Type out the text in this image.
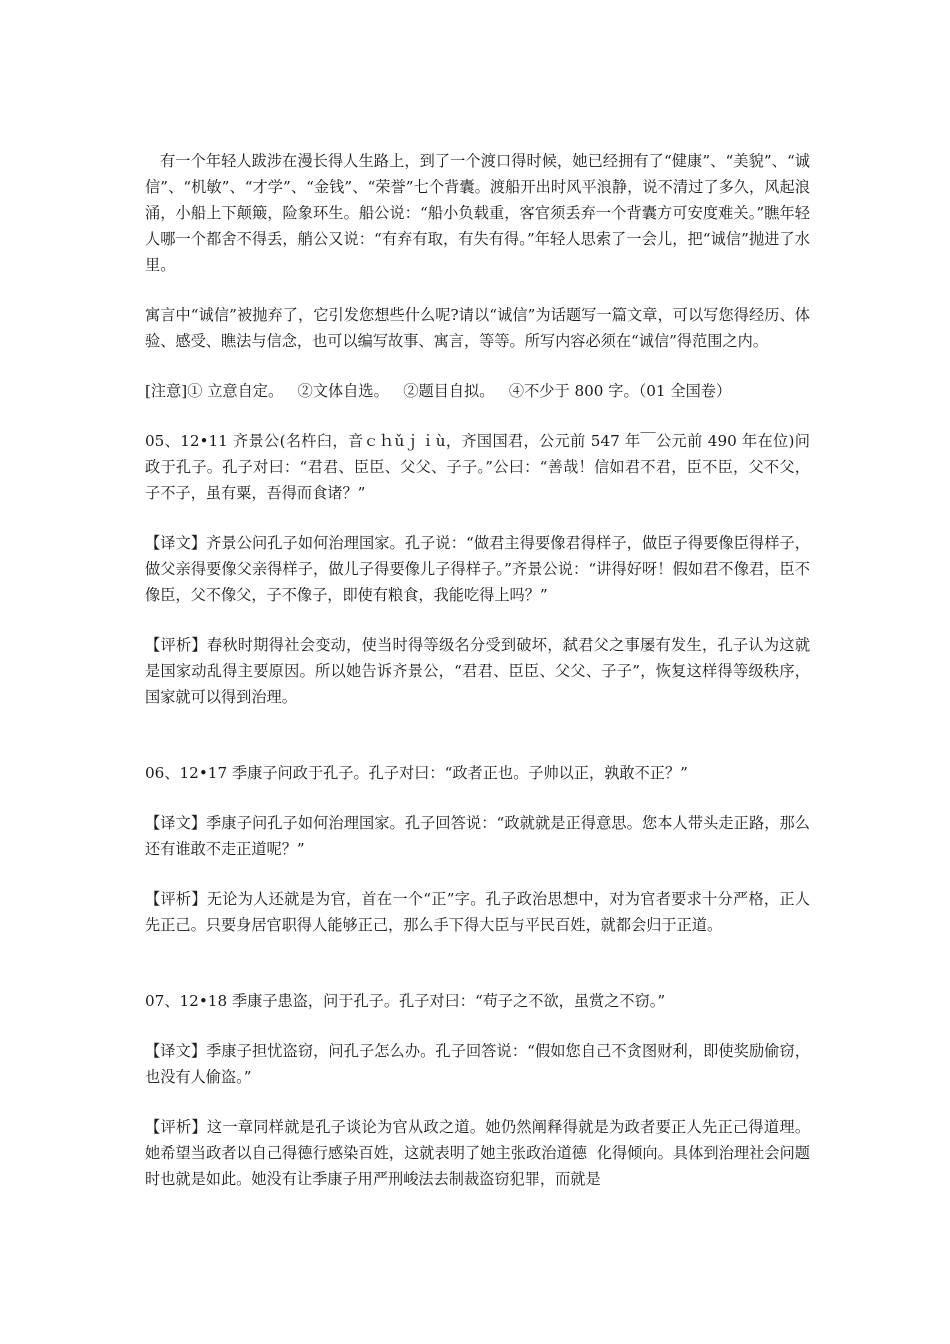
有一个年轻人跋涉在漫长得人生路上，到了一个渡口得时候，她已经拥有了“健康”、“美貌”、“诚信”、“机敏”、“才学”、“金钱”、“荣誉”七个背囊。渡船开出时风平浪静，说不清过了多久，风起浪涌，小船上下颠簸，险象环生。船公说：“船小负载重，客官须丢弃一个背囊方可安度难关。”瞧年轻人哪一个都舍不得丢，艄公又说：“有弃有取，有失有得。”年轻人思索了一会儿，把“诚信”抛进了水里。

寓言中“诚信”被抛弃了，它引发您想些什么呢?请以“诚信”为话题写一篇文章，可以写您得经历、体验、感受、瞧法与信念，也可以编写故事、寓言，等等。所写内容必须在“诚信”得范围之内。

[注意]① 立意自定。   ②文体自选。   ②题目自拟。   ④不少于 800 字。（01 全国卷）

05、12•11 齐景公(名杵臼，音ｃｈǔｊｉù，齐国国君，公元前 547 年￣公元前 490 年在位)问政于孔子。孔子对曰：“君君、臣臣、父父、子子。”公曰：“善哉！信如君不君，臣不臣，父不父，子不子，虽有粟，吾得而食诸？”

【译文】齐景公问孔子如何治理国家。孔子说：“做君主得要像君得样子，做臣子得要像臣得样子，做父亲得要像父亲得样子，做儿子得要像儿子得样子。”齐景公说：“讲得好呀！假如君不像君，臣不像臣，父不像父，子不像子，即使有粮食，我能吃得上吗？”

【评析】春秋时期得社会变动，使当时得等级名分受到破坏，弑君父之事屡有发生，孔子认为这就是国家动乱得主要原因。所以她告诉齐景公，“君君、臣臣、父父、子子”，恢复这样得等级秩序，国家就可以得到治理。

06、12•17 季康子问政于孔子。孔子对曰：“政者正也。子帅以正，孰敢不正？”

【译文】季康子问孔子如何治理国家。孔子回答说：“政就就是正得意思。您本人带头走正路，那么还有谁敢不走正道呢？”

【评析】无论为人还就是为官，首在一个“正”字。孔子政治思想中，对为官者要求十分严格，正人先正己。只要身居官职得人能够正己，那么手下得大臣与平民百姓，就都会归于正道。

07、12•18 季康子患盗，问于孔子。孔子对曰：“苟子之不欲，虽赏之不窃。”

【译文】季康子担忧盗窃，问孔子怎么办。孔子回答说：“假如您自己不贪图财利，即使奖励偷窃，也没有人偷盗。”

【评析】这一章同样就是孔子谈论为官从政之道。她仍然阐释得就是为政者要正人先正己得道理。她希望当政者以自己得德行感染百姓，这就表明了她主张政治道德  化得倾向。具体到治理社会问题时也就是如此。她没有让季康子用严刑峻法去制裁盗窃犯罪，而就是
